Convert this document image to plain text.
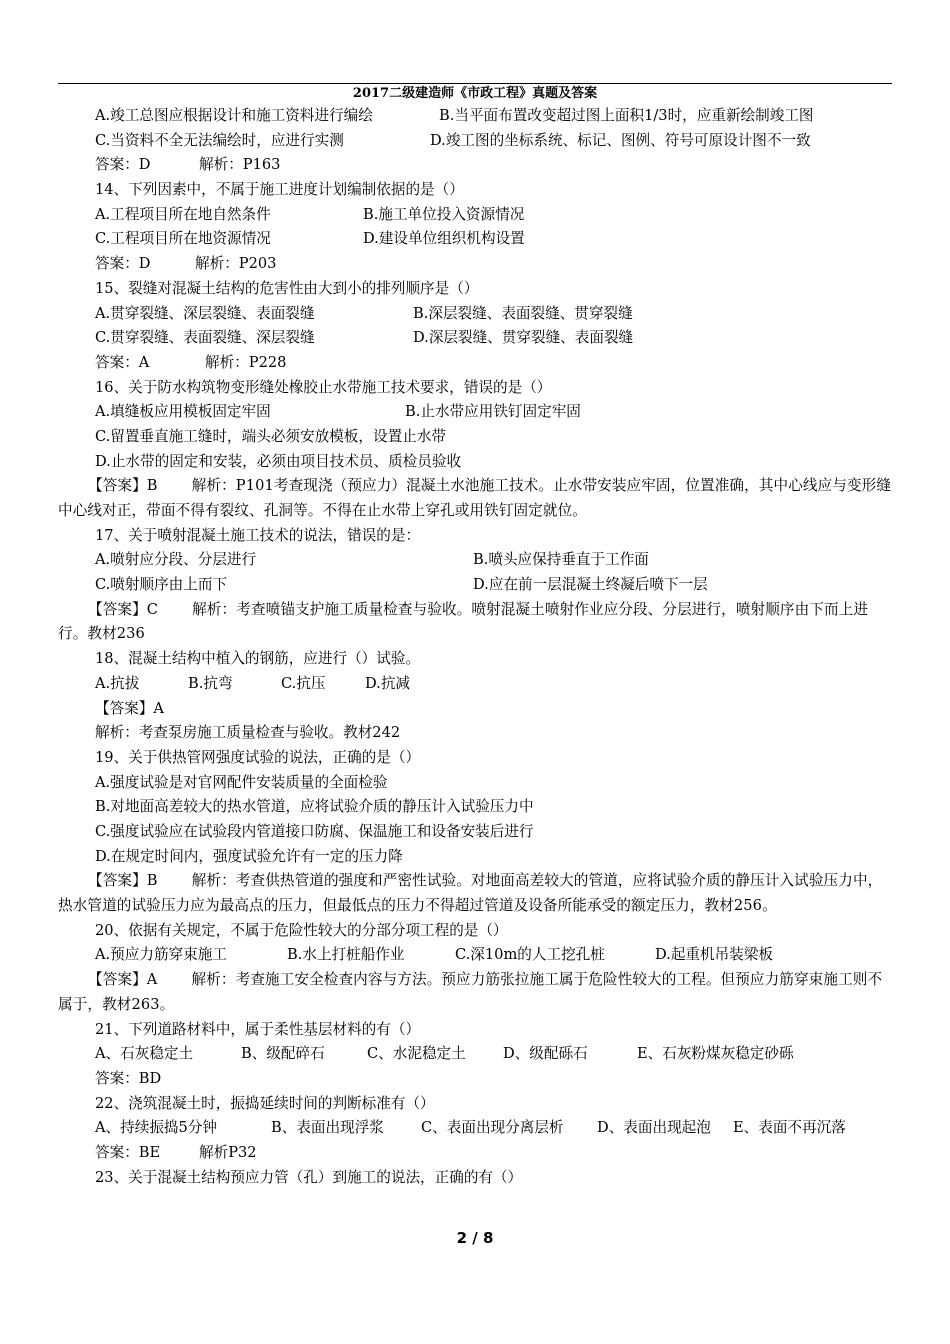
2017二级建造师《市政工程》真题及答案
A.竣工总图应根据设计和施工资料进行编绘	B.当平面布置改变超过图上面积1/3时，应重新绘制竣工图
C.当资料不全无法编绘时，应进行实测	D.竣工图的坐标系统、标记、图例、符号可原设计图不一致
答案：D	解析：P163
14、下列因素中，不属于施工进度计划编制依据的是（）
A.工程项目所在地自然条件	B.施工单位投入资源情况
C.工程项目所在地资源情况	D.建设单位组织机构设置
答案：D	解析：P203
15、裂缝对混凝土结构的危害性由大到小的排列顺序是（）
A.贯穿裂缝、深层裂缝、表面裂缝	B.深层裂缝、表面裂缝、贯穿裂缝
C.贯穿裂缝、表面裂缝、深层裂缝	D.深层裂缝、贯穿裂缝、表面裂缝
答案：A	解析：P228
16、关于防水构筑物变形缝处橡胶止水带施工技术要求，错误的是（）
A.填缝板应用模板固定牢固	B.止水带应用铁钉固定牢固
C.留置垂直施工缝时，端头必须安放模板，设置止水带
D.止水带的固定和安装，必须由项目技术员、质检员验收
【答案】B　　 解析：P101考查现浇（预应力）混凝土水池施工技术。止水带安装应牢固，位置准确，其中心线应与变形缝中心线对正，带面不得有裂纹、孔洞等。不得在止水带上穿孔或用铁钉固定就位。
17、关于喷射混凝土施工技术的说法，错误的是：
A.喷射应分段、分层进行	B.喷头应保持垂直于工作面
C.喷射顺序由上而下	D.应在前一层混凝土终凝后喷下一层
【答案】C　　 解析：考查喷锚支护施工质量检查与验收。喷射混凝土喷射作业应分段、分层进行，喷射顺序由下而上进行。教材236
18、混凝土结构中植入的钢筋，应进行（）试验。
A.抗拔	B.抗弯	C.抗压	D.抗减
【答案】A
解析：考查泵房施工质量检查与验收。教材242
19、关于供热管网强度试验的说法，正确的是（）
A.强度试验是对官网配件安装质量的全面检验
B.对地面高差较大的热水管道，应将试验介质的静压计入试验压力中
C.强度试验应在试验段内管道接口防腐、保温施工和设备安装后进行
D.在规定时间内，强度试验允许有一定的压力降
【答案】B　　 解析：考查供热管道的强度和严密性试验。对地面高差较大的管道，应将试验介质的静压计入试验压力中，热水管道的试验压力应为最高点的压力，但最低点的压力不得超过管道及设备所能承受的额定压力，教材256。
20、依据有关规定，不属于危险性较大的分部分项工程的是（）
A.预应力筋穿束施工	B.水上打桩船作业	C.深10m的人工挖孔桩	D.起重机吊装梁板
【答案】A　　 解析：考查施工安全检查内容与方法。预应力筋张拉施工属于危险性较大的工程。但预应力筋穿束施工则不属于，教材263。
21、下列道路材料中，属于柔性基层材料的有（）
A、石灰稳定土	B、级配碎石	C、水泥稳定土	D、级配砾石	E、石灰粉煤灰稳定砂砾
答案：BD
22、浇筑混凝土时，振捣延续时间的判断标准有（）
A、持续振捣5分钟	B、表面出现浮浆	C、表面出现分离层析 D、表面出现起泡 E、表面不再沉落
答案：BE	解析P32
23、关于混凝土结构预应力管（孔）到施工的说法，正确的有（）
2 / 8
